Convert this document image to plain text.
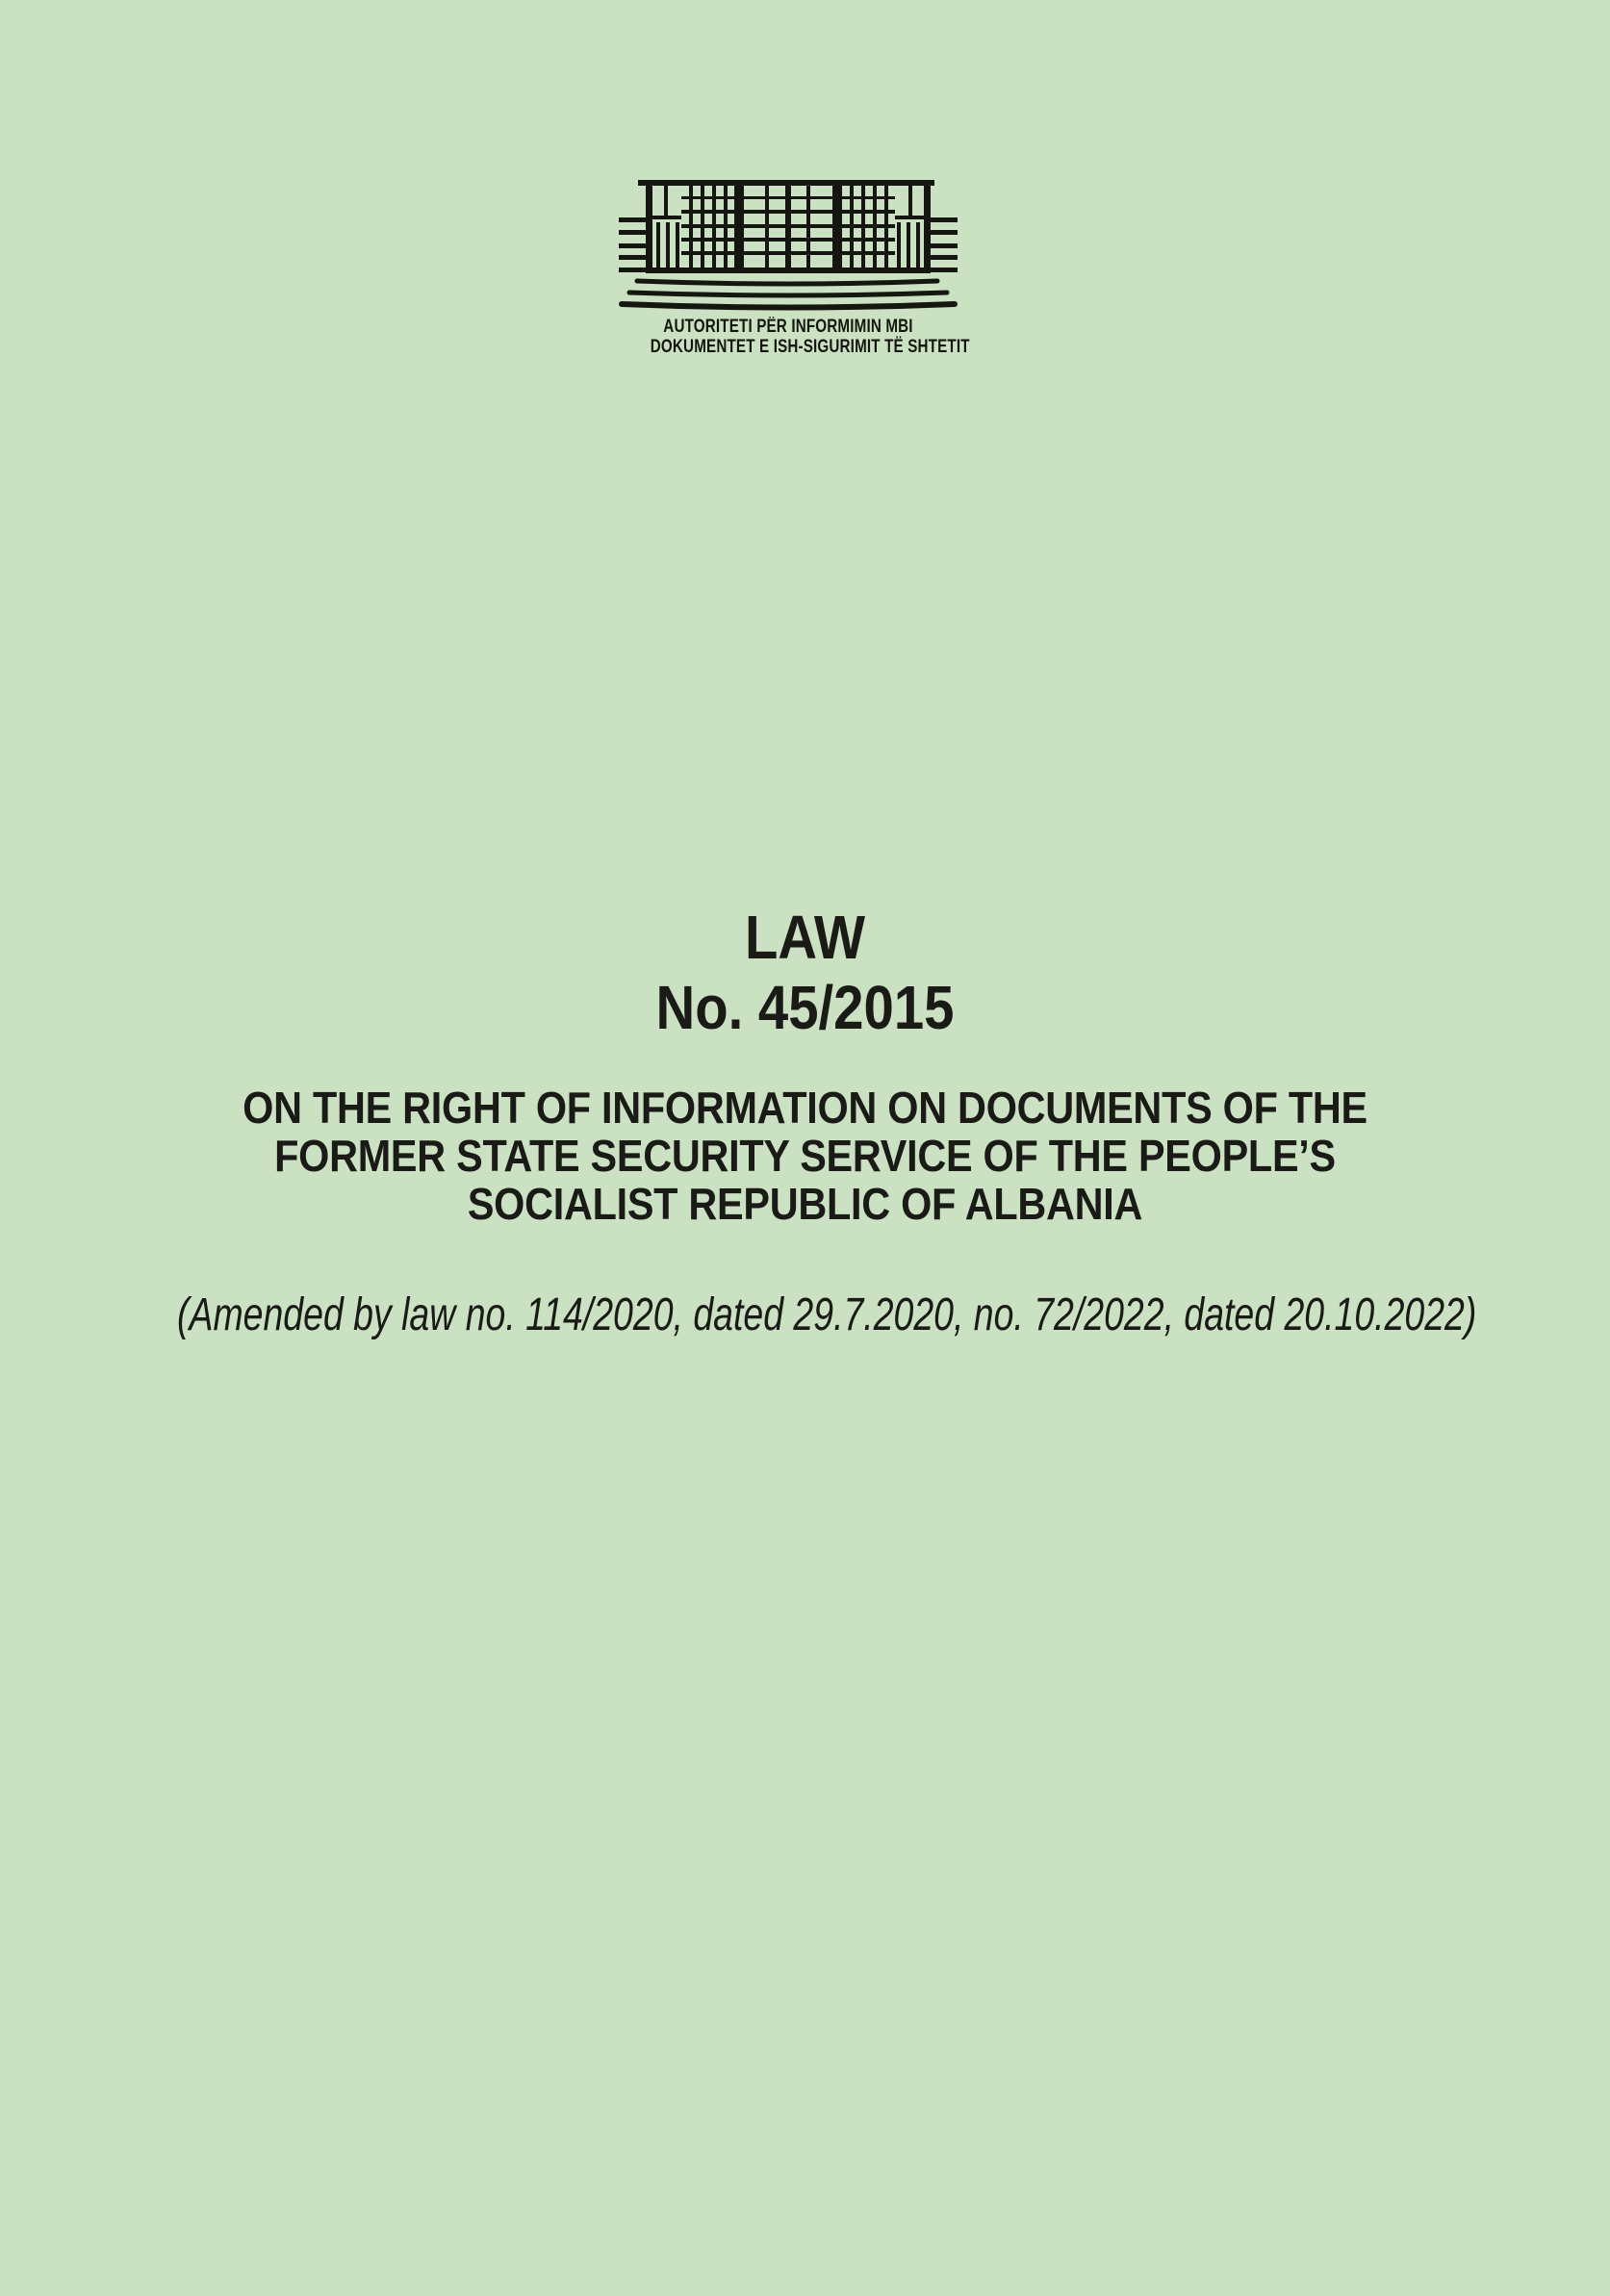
AUTORITETI PËR INFORMIMIN MBI
DOKUMENTET E ISH-SIGURIMIT TË SHTETIT
LAW
No. 45/2015
ON THE RIGHT OF INFORMATION ON DOCUMENTS OF THE
FORMER STATE SECURITY SERVICE OF THE PEOPLE’S
SOCIALIST REPUBLIC OF ALBANIA
(Amended by law no. 114/2020, dated 29.7.2020, no. 72/2022, dated 20.10.2022)
